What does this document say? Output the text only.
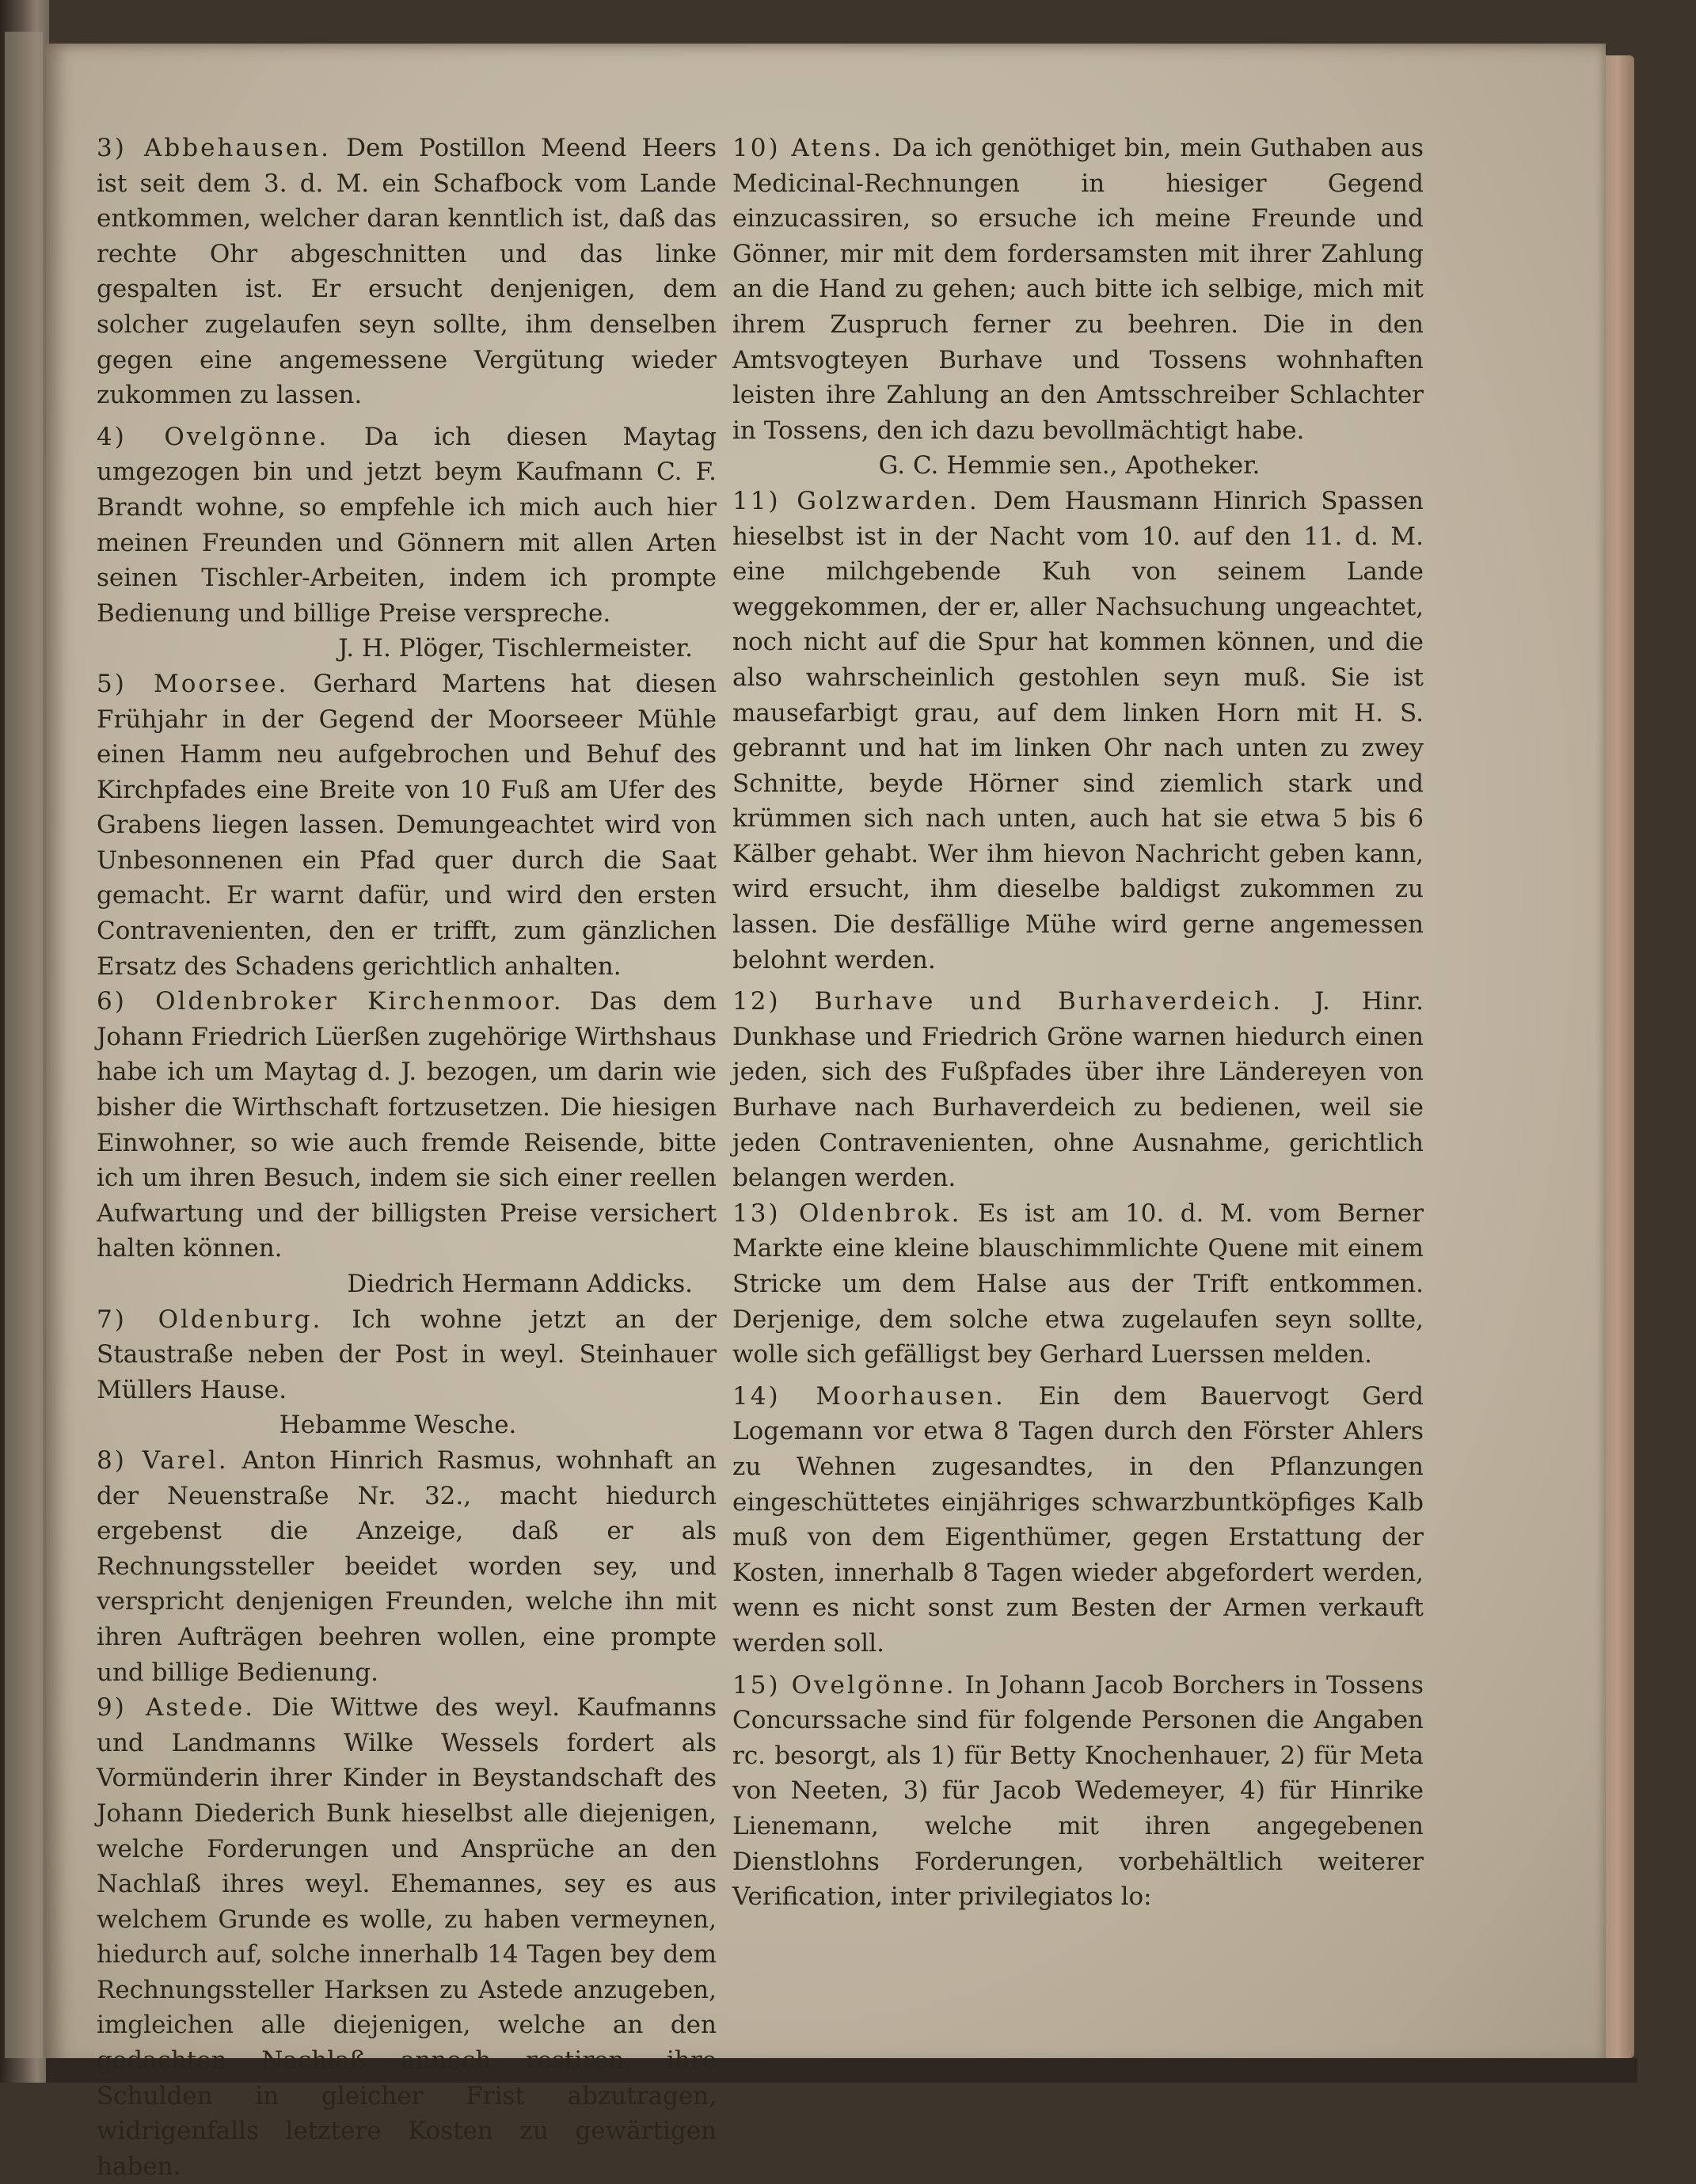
3) Abbehausen. Dem Postillon Meend Heers ist seit dem 3. d. M. ein Schafbock vom Lande entkommen, welcher daran kenntlich ist, daß das rechte Ohr abgeschnitten und das linke gespalten ist. Er ersucht denjenigen, dem solcher zugelaufen seyn sollte, ihm denselben gegen eine angemessene Vergütung wieder zukommen zu lassen.

4) Ovelgönne. Da ich diesen Maytag umgezogen bin und jetzt beym Kaufmann C. F. Brandt wohne, so empfehle ich mich auch hier meinen Freunden und Gönnern mit allen Arten seinen Tischler-Arbeiten, indem ich prompte Bedienung und billige Preise verspreche.

J. H. Plöger, Tischlermeister.

5) Moorsee. Gerhard Martens hat diesen Frühjahr in der Gegend der Moorseeer Mühle einen Hamm neu aufgebrochen und Behuf des Kirchpfades eine Breite von 10 Fuß am Ufer des Grabens liegen lassen. Demungeachtet wird von Unbesonnenen ein Pfad quer durch die Saat gemacht. Er warnt dafür, und wird den ersten Contravenienten, den er trifft, zum gänzlichen Ersatz des Schadens gerichtlich anhalten.

6) Oldenbroker Kirchenmoor. Das dem Johann Friedrich Lüerßen zugehörige Wirthshaus habe ich um Maytag d. J. bezogen, um darin wie bisher die Wirthschaft fortzusetzen. Die hiesigen Einwohner, so wie auch fremde Reisende, bitte ich um ihren Besuch, indem sie sich einer reellen Aufwartung und der billigsten Preise versichert halten können.

Diedrich Hermann Addicks.

7) Oldenburg. Ich wohne jetzt an der Staustraße neben der Post in weyl. Steinhauer Müllers Hause.

Hebamme Wesche.

8) Varel. Anton Hinrich Rasmus, wohnhaft an der Neuenstraße Nr. 32., macht hiedurch ergebenst die Anzeige, daß er als Rechnungssteller beeidet worden sey, und verspricht denjenigen Freunden, welche ihn mit ihren Aufträgen beehren wollen, eine prompte und billige Bedienung.

9) Astede. Die Wittwe des weyl. Kaufmanns und Landmanns Wilke Wessels fordert als Vormünderin ihrer Kinder in Beystandschaft des Johann Diederich Bunk hieselbst alle diejenigen, welche Forderungen und Ansprüche an den Nachlaß ihres weyl. Ehemannes, sey es aus welchem Grunde es wolle, zu haben vermeynen, hiedurch auf, solche innerhalb 14 Tagen bey dem Rechnungssteller Harksen zu Astede anzugeben, imgleichen alle diejenigen, welche an den gedachten Nachlaß annoch restiren, ihre Schulden in gleicher Frist abzutragen, widrigenfalls letztere Kosten zu gewärtigen haben.

10) Atens. Da ich genöthiget bin, mein Guthaben aus Medicinal-Rechnungen in hiesiger Gegend einzucassiren, so ersuche ich meine Freunde und Gönner, mir mit dem fordersamsten mit ihrer Zahlung an die Hand zu gehen; auch bitte ich selbige, mich mit ihrem Zuspruch ferner zu beehren. Die in den Amtsvogteyen Burhave und Tossens wohnhaften leisten ihre Zahlung an den Amtsschreiber Schlachter in Tossens, den ich dazu bevollmächtigt habe.

G. C. Hemmie sen., Apotheker.

11) Golzwarden. Dem Hausmann Hinrich Spassen hieselbst ist in der Nacht vom 10. auf den 11. d. M. eine milchgebende Kuh von seinem Lande weggekommen, der er, aller Nachsuchung ungeachtet, noch nicht auf die Spur hat kommen können, und die also wahrscheinlich gestohlen seyn muß. Sie ist mausefarbigt grau, auf dem linken Horn mit H. S. gebrannt und hat im linken Ohr nach unten zu zwey Schnitte, beyde Hörner sind ziemlich stark und krümmen sich nach unten, auch hat sie etwa 5 bis 6 Kälber gehabt. Wer ihm hievon Nachricht geben kann, wird ersucht, ihm dieselbe baldigst zukommen zu lassen. Die desfällige Mühe wird gerne angemessen belohnt werden.

12) Burhave und Burhaverdeich. J. Hinr. Dunkhase und Friedrich Gröne warnen hiedurch einen jeden, sich des Fußpfades über ihre Ländereyen von Burhave nach Burhaverdeich zu bedienen, weil sie jeden Contravenienten, ohne Ausnahme, gerichtlich belangen werden.

13) Oldenbrok. Es ist am 10. d. M. vom Berner Markte eine kleine blauschimmlichte Quene mit einem Stricke um dem Halse aus der Trift entkommen. Derjenige, dem solche etwa zugelaufen seyn sollte, wolle sich gefälligst bey Gerhard Luerssen melden.

14) Moorhausen. Ein dem Bauervogt Gerd Logemann vor etwa 8 Tagen durch den Förster Ahlers zu Wehnen zugesandtes, in den Pflanzungen eingeschüttetes einjähriges schwarzbuntköpfiges Kalb muß von dem Eigenthümer, gegen Erstattung der Kosten, innerhalb 8 Tagen wieder abgefordert werden, wenn es nicht sonst zum Besten der Armen verkauft werden soll.

15) Ovelgönne. In Johann Jacob Borchers in Tossens Concurssache sind für folgende Personen die Angaben rc. besorgt, als 1) für Betty Knochenhauer, 2) für Meta von Neeten, 3) für Jacob Wedemeyer, 4) für Hinrike Lienemann, welche mit ihren angegebenen Dienstlohns Forderungen, vorbehältlich weiterer Verification, inter privilegiatos lo:
